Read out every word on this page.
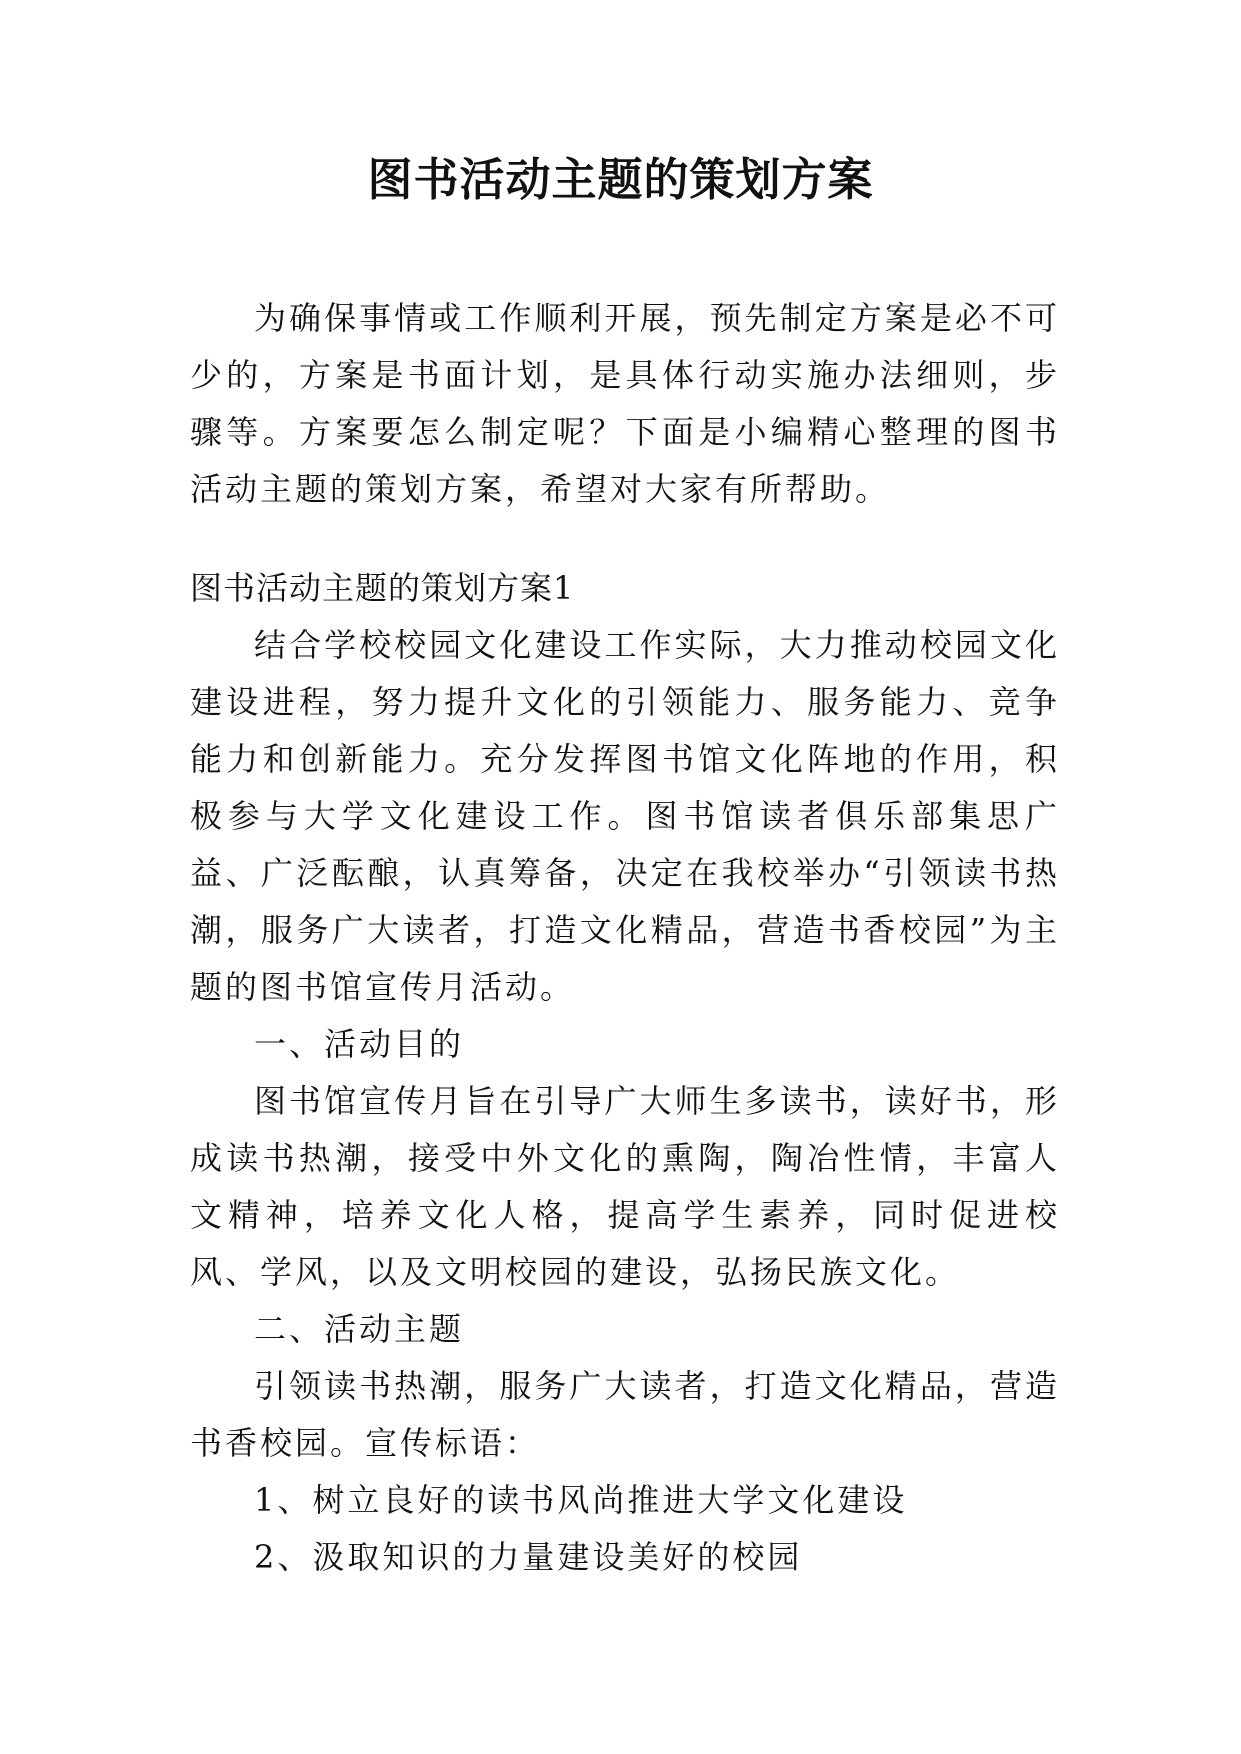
图书活动主题的策划方案

为确保事情或工作顺利开展，预先制定方案是必不可少的，方案是书面计划，是具体行动实施办法细则，步骤等。方案要怎么制定呢？下面是小编精心整理的图书活动主题的策划方案，希望对大家有所帮助。

图书活动主题的策划方案1

结合学校校园文化建设工作实际，大力推动校园文化建设进程，努力提升文化的引领能力、服务能力、竞争能力和创新能力。充分发挥图书馆文化阵地的作用，积极参与大学文化建设工作。图书馆读者俱乐部集思广益、广泛酝酿，认真筹备，决定在我校举办“引领读书热潮，服务广大读者，打造文化精品，营造书香校园”为主题的图书馆宣传月活动。

一、活动目的

图书馆宣传月旨在引导广大师生多读书，读好书，形成读书热潮，接受中外文化的熏陶，陶冶性情，丰富人文精神，培养文化人格，提高学生素养，同时促进校风、学风，以及文明校园的建设，弘扬民族文化。

二、活动主题

引领读书热潮，服务广大读者，打造文化精品，营造书香校园。宣传标语：

1、树立良好的读书风尚推进大学文化建设

2、汲取知识的力量建设美好的校园
